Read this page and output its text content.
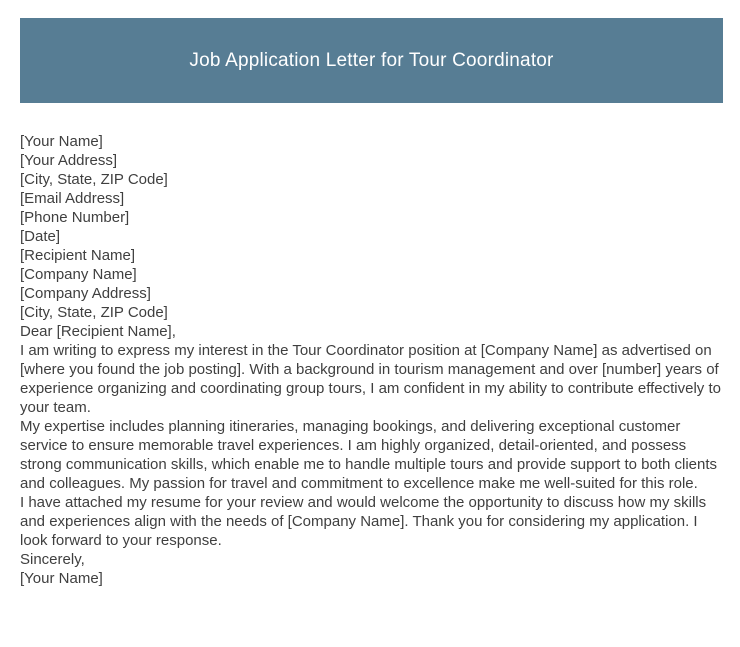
Job Application Letter for Tour Coordinator
[Your Name]
[Your Address]
[City, State, ZIP Code]
[Email Address]
[Phone Number]
[Date]
[Recipient Name]
[Company Name]
[Company Address]
[City, State, ZIP Code]
Dear [Recipient Name],
I am writing to express my interest in the Tour Coordinator position at [Company Name] as advertised on [where you found the job posting]. With a background in tourism management and over [number] years of experience organizing and coordinating group tours, I am confident in my ability to contribute effectively to your team.
My expertise includes planning itineraries, managing bookings, and delivering exceptional customer service to ensure memorable travel experiences. I am highly organized, detail-oriented, and possess strong communication skills, which enable me to handle multiple tours and provide support to both clients and colleagues. My passion for travel and commitment to excellence make me well-suited for this role.
I have attached my resume for your review and would welcome the opportunity to discuss how my skills and experiences align with the needs of [Company Name]. Thank you for considering my application. I look forward to your response.
Sincerely,
[Your Name]
